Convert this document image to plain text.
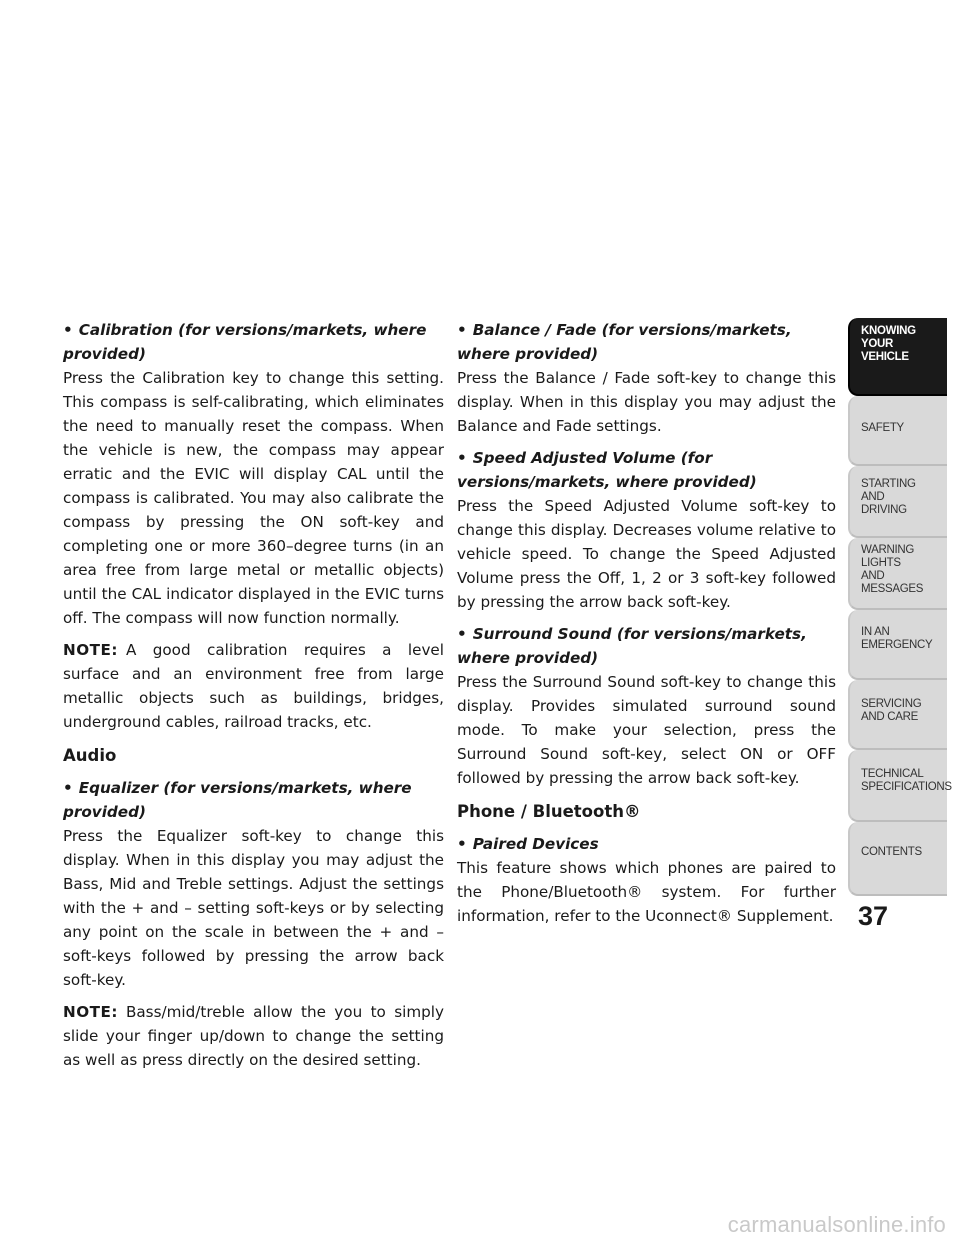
• Calibration (for versions/markets, where provided)

Press the Calibration key to change this setting. This compass is self-calibrating, which eliminates the need to manually reset the compass. When the vehicle is new, the compass may appear erratic and the EVIC will display CAL until the compass is calibrated. You may also calibrate the compass by pressing the ON soft-key and completing one or more 360–degree turns (in an area free from large metal or metallic objects) until the CAL indicator displayed in the EVIC turns off. The compass will now function normally.

NOTE: A good calibration requires a level surface and an environment free from large metallic objects such as buildings, bridges, underground cables, railroad tracks, etc.

Audio
• Equalizer (for versions/markets, where provided)

Press the Equalizer soft-key to change this display. When in this display you may adjust the Bass, Mid and Treble settings. Adjust the settings with the + and – setting soft-keys or by selecting any point on the scale in between the + and – soft-keys followed by pressing the arrow back soft-key.

NOTE: Bass/mid/treble allow the you to simply slide your finger up/down to change the setting as well as press directly on the desired setting.

• Balance / Fade (for versions/markets, where provided)

Press the Balance / Fade soft-key to change this display. When in this display you may adjust the Balance and Fade settings.

• Speed Adjusted Volume (for versions/markets, where provided)

Press the Speed Adjusted Volume soft-key to change this display. Decreases volume relative to vehicle speed. To change the Speed Adjusted Volume press the Off, 1, 2 or 3 soft-key followed by pressing the arrow back soft-key.

• Surround Sound (for versions/markets, where provided)

Press the Surround Sound soft-key to change this display. Provides simulated surround sound mode. To make your selection, press the Surround Sound soft-key, select ON or OFF followed by pressing the arrow back soft-key.

Phone / Bluetooth®
• Paired Devices

This feature shows which phones are paired to the Phone/Bluetooth® system. For further information, refer to the Uconnect® Supplement.

KNOWING
YOUR
VEHICLE
SAFETY
STARTING
AND
DRIVING
WARNING
LIGHTS
AND
MESSAGES
IN AN
EMERGENCY
SERVICING
AND CARE
TECHNICAL
SPECIFICATIONS
CONTENTS
37
carmanualsonline.info
